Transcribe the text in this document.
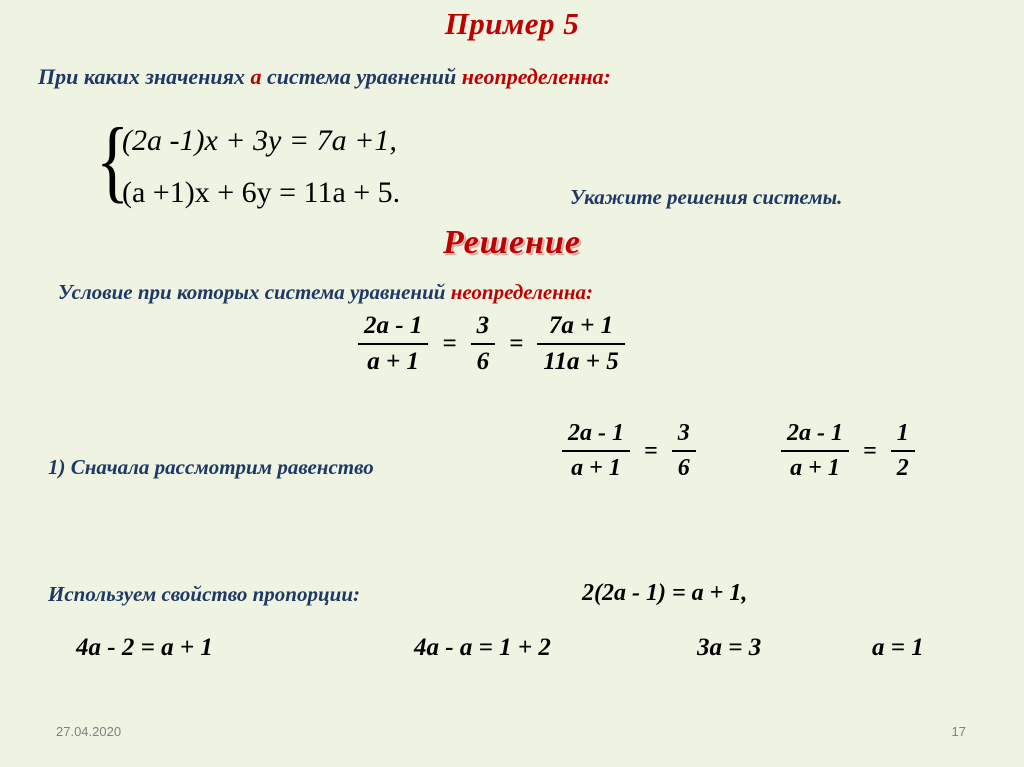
Пример 5
При каких значениях a система уравнений неопределенна:
{
(2a -1)x + 3y = 7a +1,
(a +1)x + 6y = 11a + 5.	Укажите решения системы.
Решение
Условие при которых система уравнений неопределенна:
$\frac{2a - 1}{a + 1} = \frac{3}{6} = \frac{7a + 1}{11a + 5}$
1) Сначала рассмотрим равенство	$\frac{2a - 1}{a + 1} = \frac{3}{6}$	$\frac{2a - 1}{a + 1} = \frac{1}{2}$
Используем свойство пропорции:	2(2a - 1) = a + 1,
4a - 2 = a + 1	4a - a = 1 + 2	3a = 3	a = 1
27.04.2020	17
